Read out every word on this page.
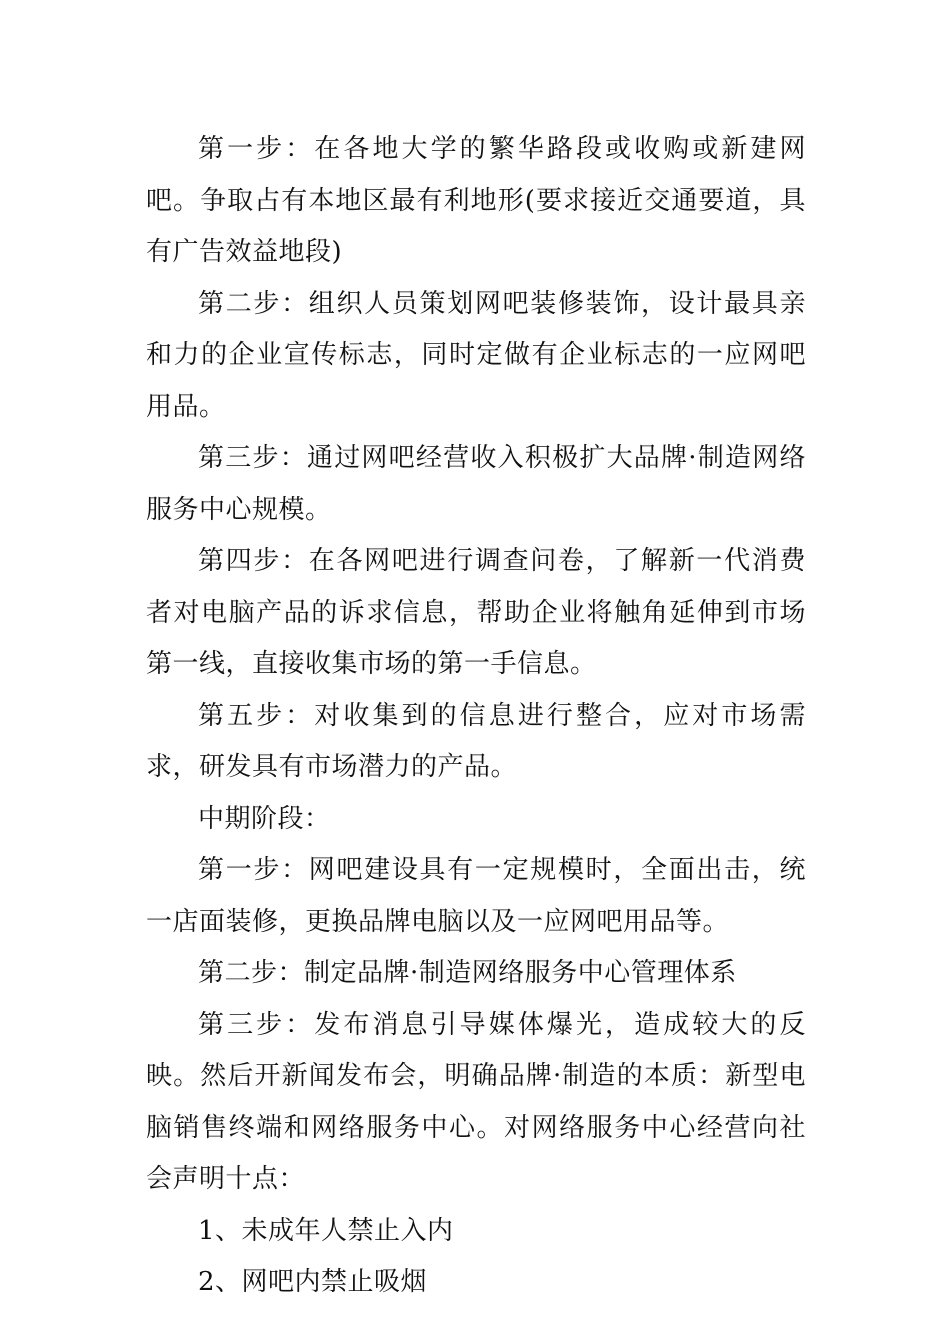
第一步：在各地大学的繁华路段或收购或新建网吧。争取占有本地区最有利地形(要求接近交通要道，具有广告效益地段)

第二步：组织人员策划网吧装修装饰，设计最具亲和力的企业宣传标志，同时定做有企业标志的一应网吧用品。

第三步：通过网吧经营收入积极扩大品牌·制造网络服务中心规模。

第四步：在各网吧进行调查问卷，了解新一代消费者对电脑产品的诉求信息，帮助企业将触角延伸到市场第一线，直接收集市场的第一手信息。

第五步：对收集到的信息进行整合，应对市场需求，研发具有市场潜力的产品。

中期阶段：

第一步：网吧建设具有一定规模时，全面出击，统一店面装修，更换品牌电脑以及一应网吧用品等。

第二步：制定品牌·制造网络服务中心管理体系

第三步：发布消息引导媒体爆光，造成较大的反映。然后开新闻发布会，明确品牌·制造的本质：新型电脑销售终端和网络服务中心。对网络服务中心经营向社会声明十点：

1、未成年人禁止入内

2、网吧内禁止吸烟
